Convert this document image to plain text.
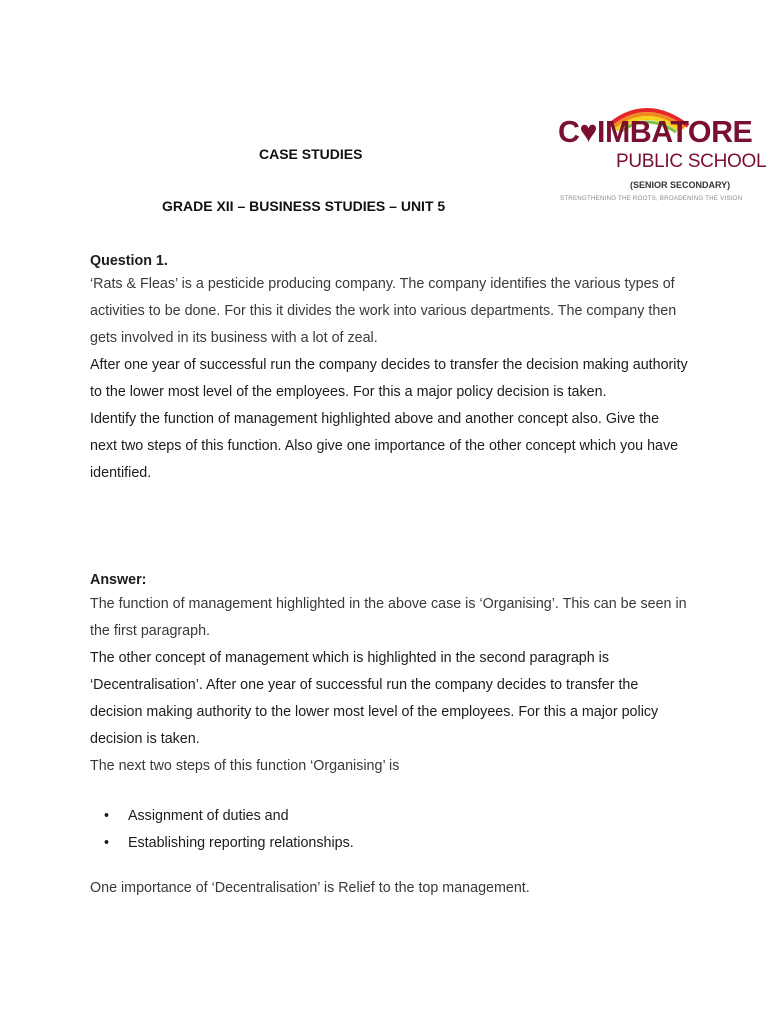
C♥IMBATORE
PUBLIC SCHOOL
(SENIOR SECONDARY)
STRENGTHENING THE ROOTS, BROADENING THE VISION
CASE STUDIES
GRADE XII – BUSINESS STUDIES – UNIT 5
Question 1.

‘Rats & Fleas’ is a pesticide producing company. The company identifies the various types of activities to be done. For this it divides the work into various departments. The company then gets involved in its business with a lot of zeal.

After one year of successful run the company decides to transfer the decision making authority to the lower most level of the employees. For this a major policy decision is taken.

Identify the function of management highlighted above and another concept also. Give the next two steps of this function. Also give one importance of the other concept which you have identified.

Answer:

The function of management highlighted in the above case is ‘Organising’. This can be seen in the first paragraph.

The other concept of management which is highlighted in the second paragraph is ‘Decentralisation’. After one year of successful run the company decides to transfer the decision making authority to the lower most level of the employees. For this a major policy decision is taken.

The next two steps of this function ‘Organising’ is

• Assignment of duties and
• Establishing reporting relationships.
One importance of ‘Decentralisation’ is Relief to the top management.
